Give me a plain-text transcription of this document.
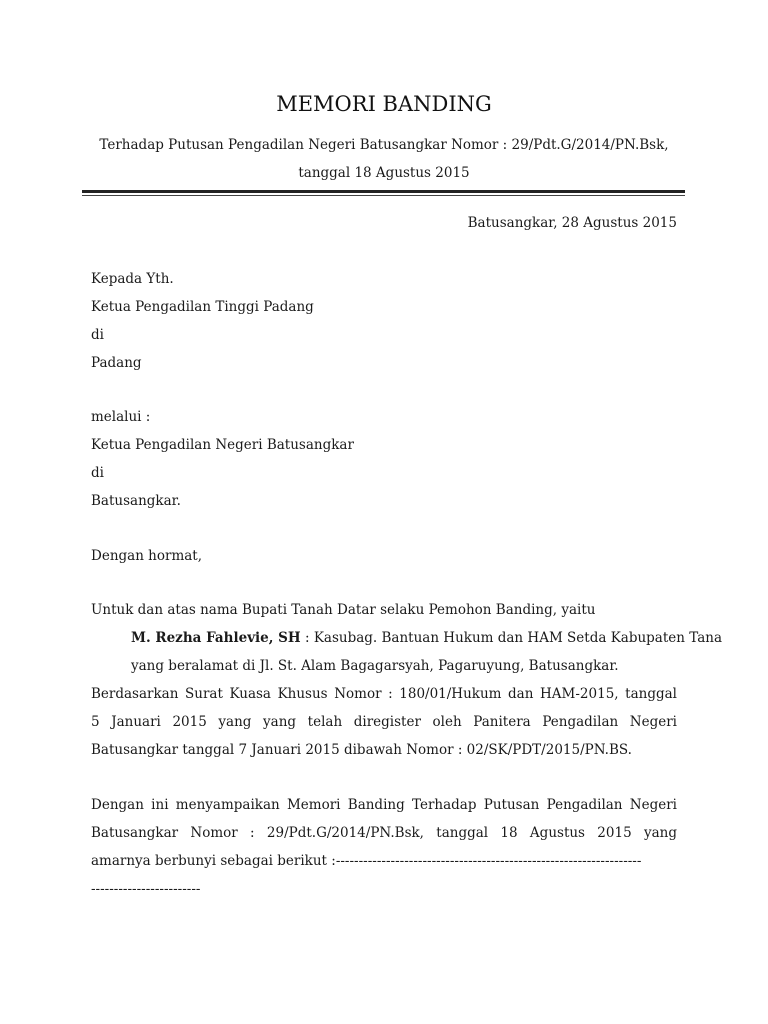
MEMORI BANDING
Terhadap Putusan Pengadilan Negeri Batusangkar Nomor : 29/Pdt.G/2014/PN.Bsk,
tanggal 18 Agustus 2015
Batusangkar, 28 Agustus 2015
Kepada Yth.
Ketua Pengadilan Tinggi Padang
di
Padang
melalui :
Ketua Pengadilan Negeri Batusangkar
di
Batusangkar.
Dengan hormat,
Untuk dan atas nama Bupati Tanah Datar selaku Pemohon Banding, yaitu
M. Rezha Fahlevie, SH : Kasubag. Bantuan Hukum dan HAM Setda Kabupaten Tana
yang beralamat di Jl. St. Alam Bagagarsyah, Pagaruyung, Batusangkar.
Berdasarkan Surat Kuasa Khusus Nomor : 180/01/Hukum dan HAM-2015, tanggal
5 Januari 2015 yang yang telah diregister oleh Panitera Pengadilan Negeri
Batusangkar tanggal 7 Januari 2015 dibawah Nomor : 02/SK/PDT/2015/PN.BS.
Dengan ini menyampaikan Memori Banding Terhadap Putusan Pengadilan Negeri
Batusangkar Nomor : 29/Pdt.G/2014/PN.Bsk, tanggal 18 Agustus 2015 yang
amarnya berbunyi sebagai berikut :-------------------------------------------------------------------
------------------------
